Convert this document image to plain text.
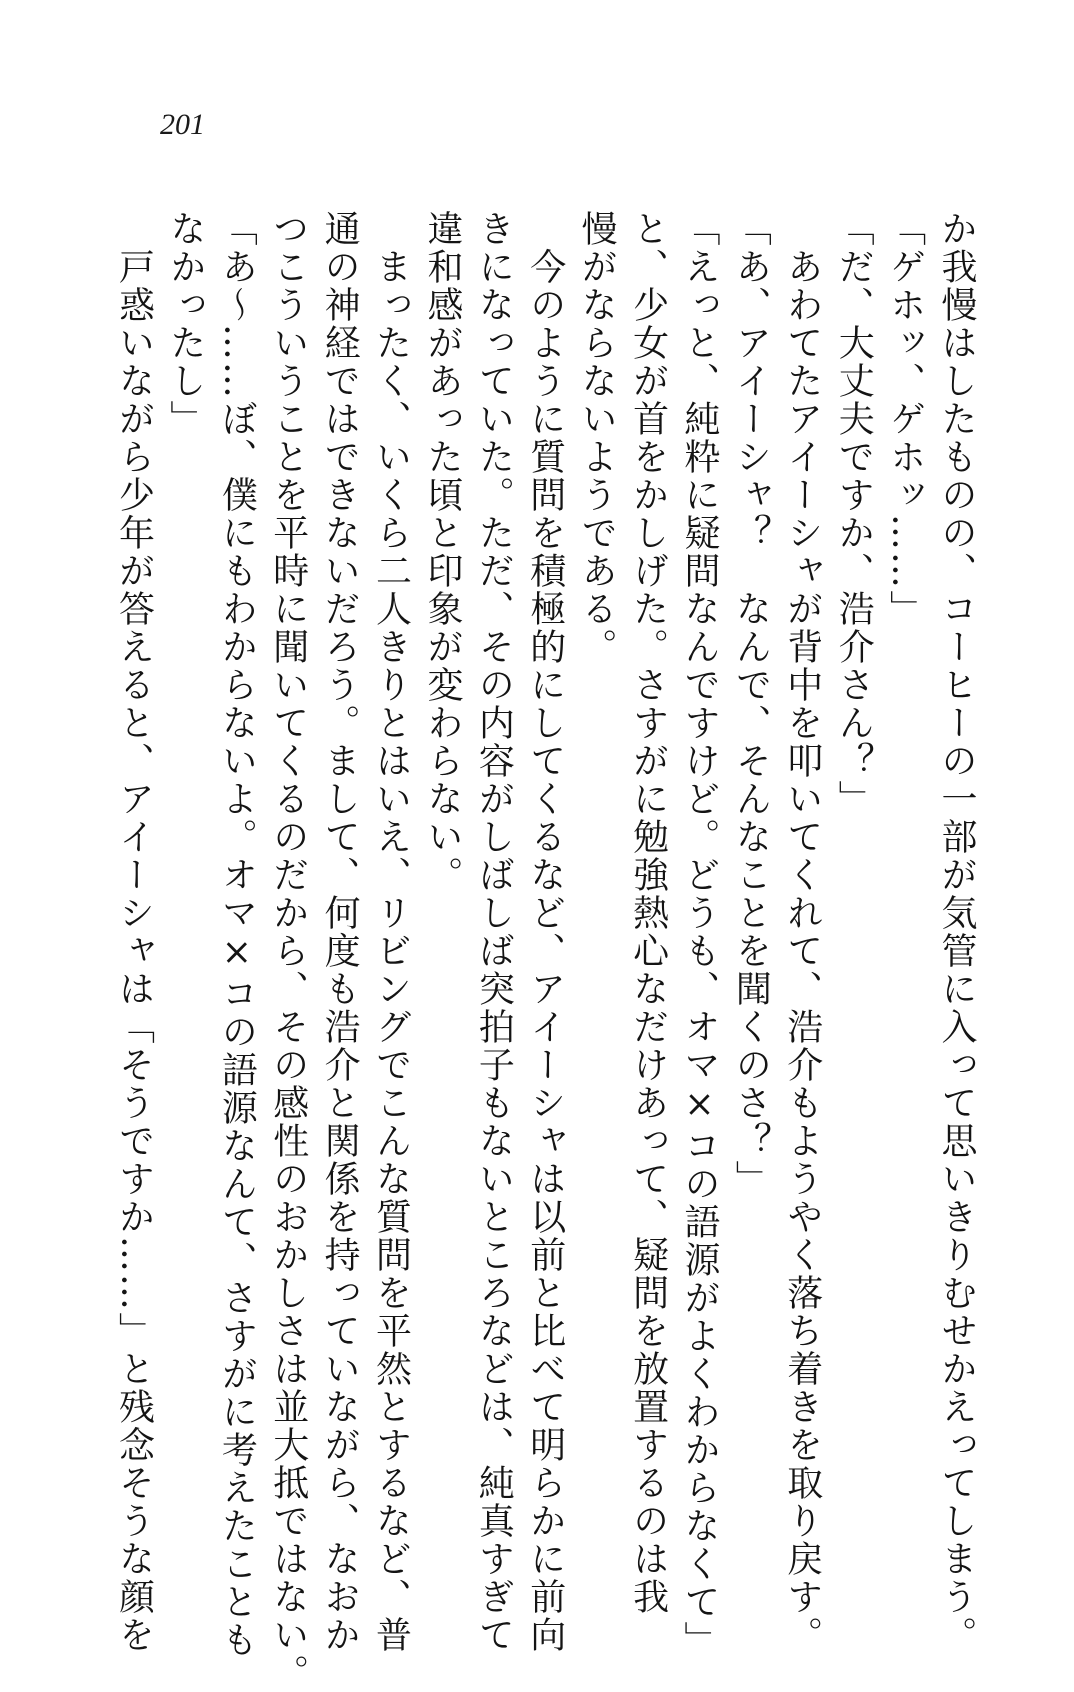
201
か我慢はしたものの、コーヒーの一部が気管に入って思いきりむせかえってしまう。
「ゲホッ、ゲホッ……」
「だ、大丈夫ですか、浩介さん？」
あわてたアイーシャが背中を叩いてくれて、浩介もようやく落ち着きを取り戻す。
「あ、アイーシャ？　なんで、そんなことを聞くのさ？」
「えっと、純粋に疑問なんですけど。どうも、オマ×コの語源がよくわからなくて」
と、少女が首をかしげた。さすがに勉強熱心なだけあって、疑問を放置するのは我
慢がならないようである。
今のように質問を積極的にしてくるなど、アイーシャは以前と比べて明らかに前向
きになっていた。ただ、その内容がしばしば突拍子もないところなどは、純真すぎて
違和感があった頃と印象が変わらない。
まったく、いくら二人きりとはいえ、リビングでこんな質問を平然とするなど、普
通の神経ではできないだろう。まして、何度も浩介と関係を持っていながら、なおか
つこういうことを平時に聞いてくるのだから、その感性のおかしさは並大抵ではない。
「あ～……ぼ、僕にもわからないよ。オマ×コの語源なんて、さすがに考えたことも
なかったし」
戸惑いながら少年が答えると、アイーシャは「そうですか……」と残念そうな顔を
